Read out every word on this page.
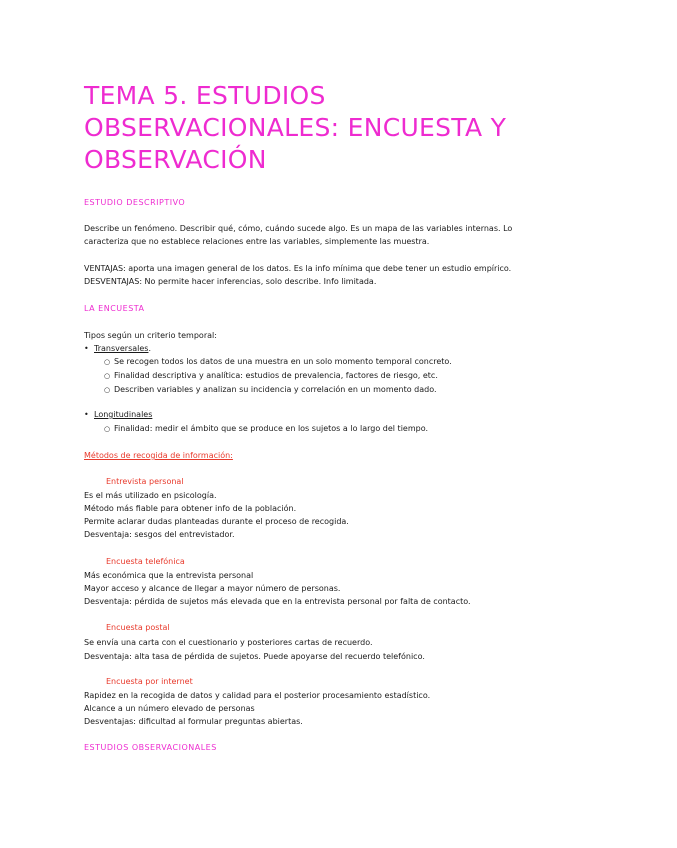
TEMA 5. ESTUDIOS
OBSERVACIONALES: ENCUESTA Y
OBSERVACIÓN
ESTUDIO DESCRIPTIVO
Describe un fenómeno. Describir qué, cómo, cuándo sucede algo. Es un mapa de las variables internas. Lo
caracteriza que no establece relaciones entre las variables, simplemente las muestra.
VENTAJAS: aporta una imagen general de los datos. Es la info mínima que debe tener un estudio empírico.
DESVENTAJAS: No permite hacer inferencias, solo describe. Info limitada.
LA ENCUESTA
Tipos según un criterio temporal:
• Transversales.
○ Se recogen todos los datos de una muestra en un solo momento temporal concreto.
○ Finalidad descriptiva y analítica: estudios de prevalencia, factores de riesgo, etc.
○ Describen variables y analizan su incidencia y correlación en un momento dado.
• Longitudinales
○ Finalidad: medir el ámbito que se produce en los sujetos a lo largo del tiempo.
Métodos de recogida de información:
Entrevista personal
Es el más utilizado en psicología.
Método más fiable para obtener info de la población.
Permite aclarar dudas planteadas durante el proceso de recogida.
Desventaja: sesgos del entrevistador.
Encuesta telefónica
Más económica que la entrevista personal
Mayor acceso y alcance de llegar a mayor número de personas.
Desventaja: pérdida de sujetos más elevada que en la entrevista personal por falta de contacto.
Encuesta postal
Se envía una carta con el cuestionario y posteriores cartas de recuerdo.
Desventaja: alta tasa de pérdida de sujetos. Puede apoyarse del recuerdo telefónico.
Encuesta por internet
Rapidez en la recogida de datos y calidad para el posterior procesamiento estadístico.
Alcance a un número elevado de personas
Desventajas: dificultad al formular preguntas abiertas.
ESTUDIOS OBSERVACIONALES
